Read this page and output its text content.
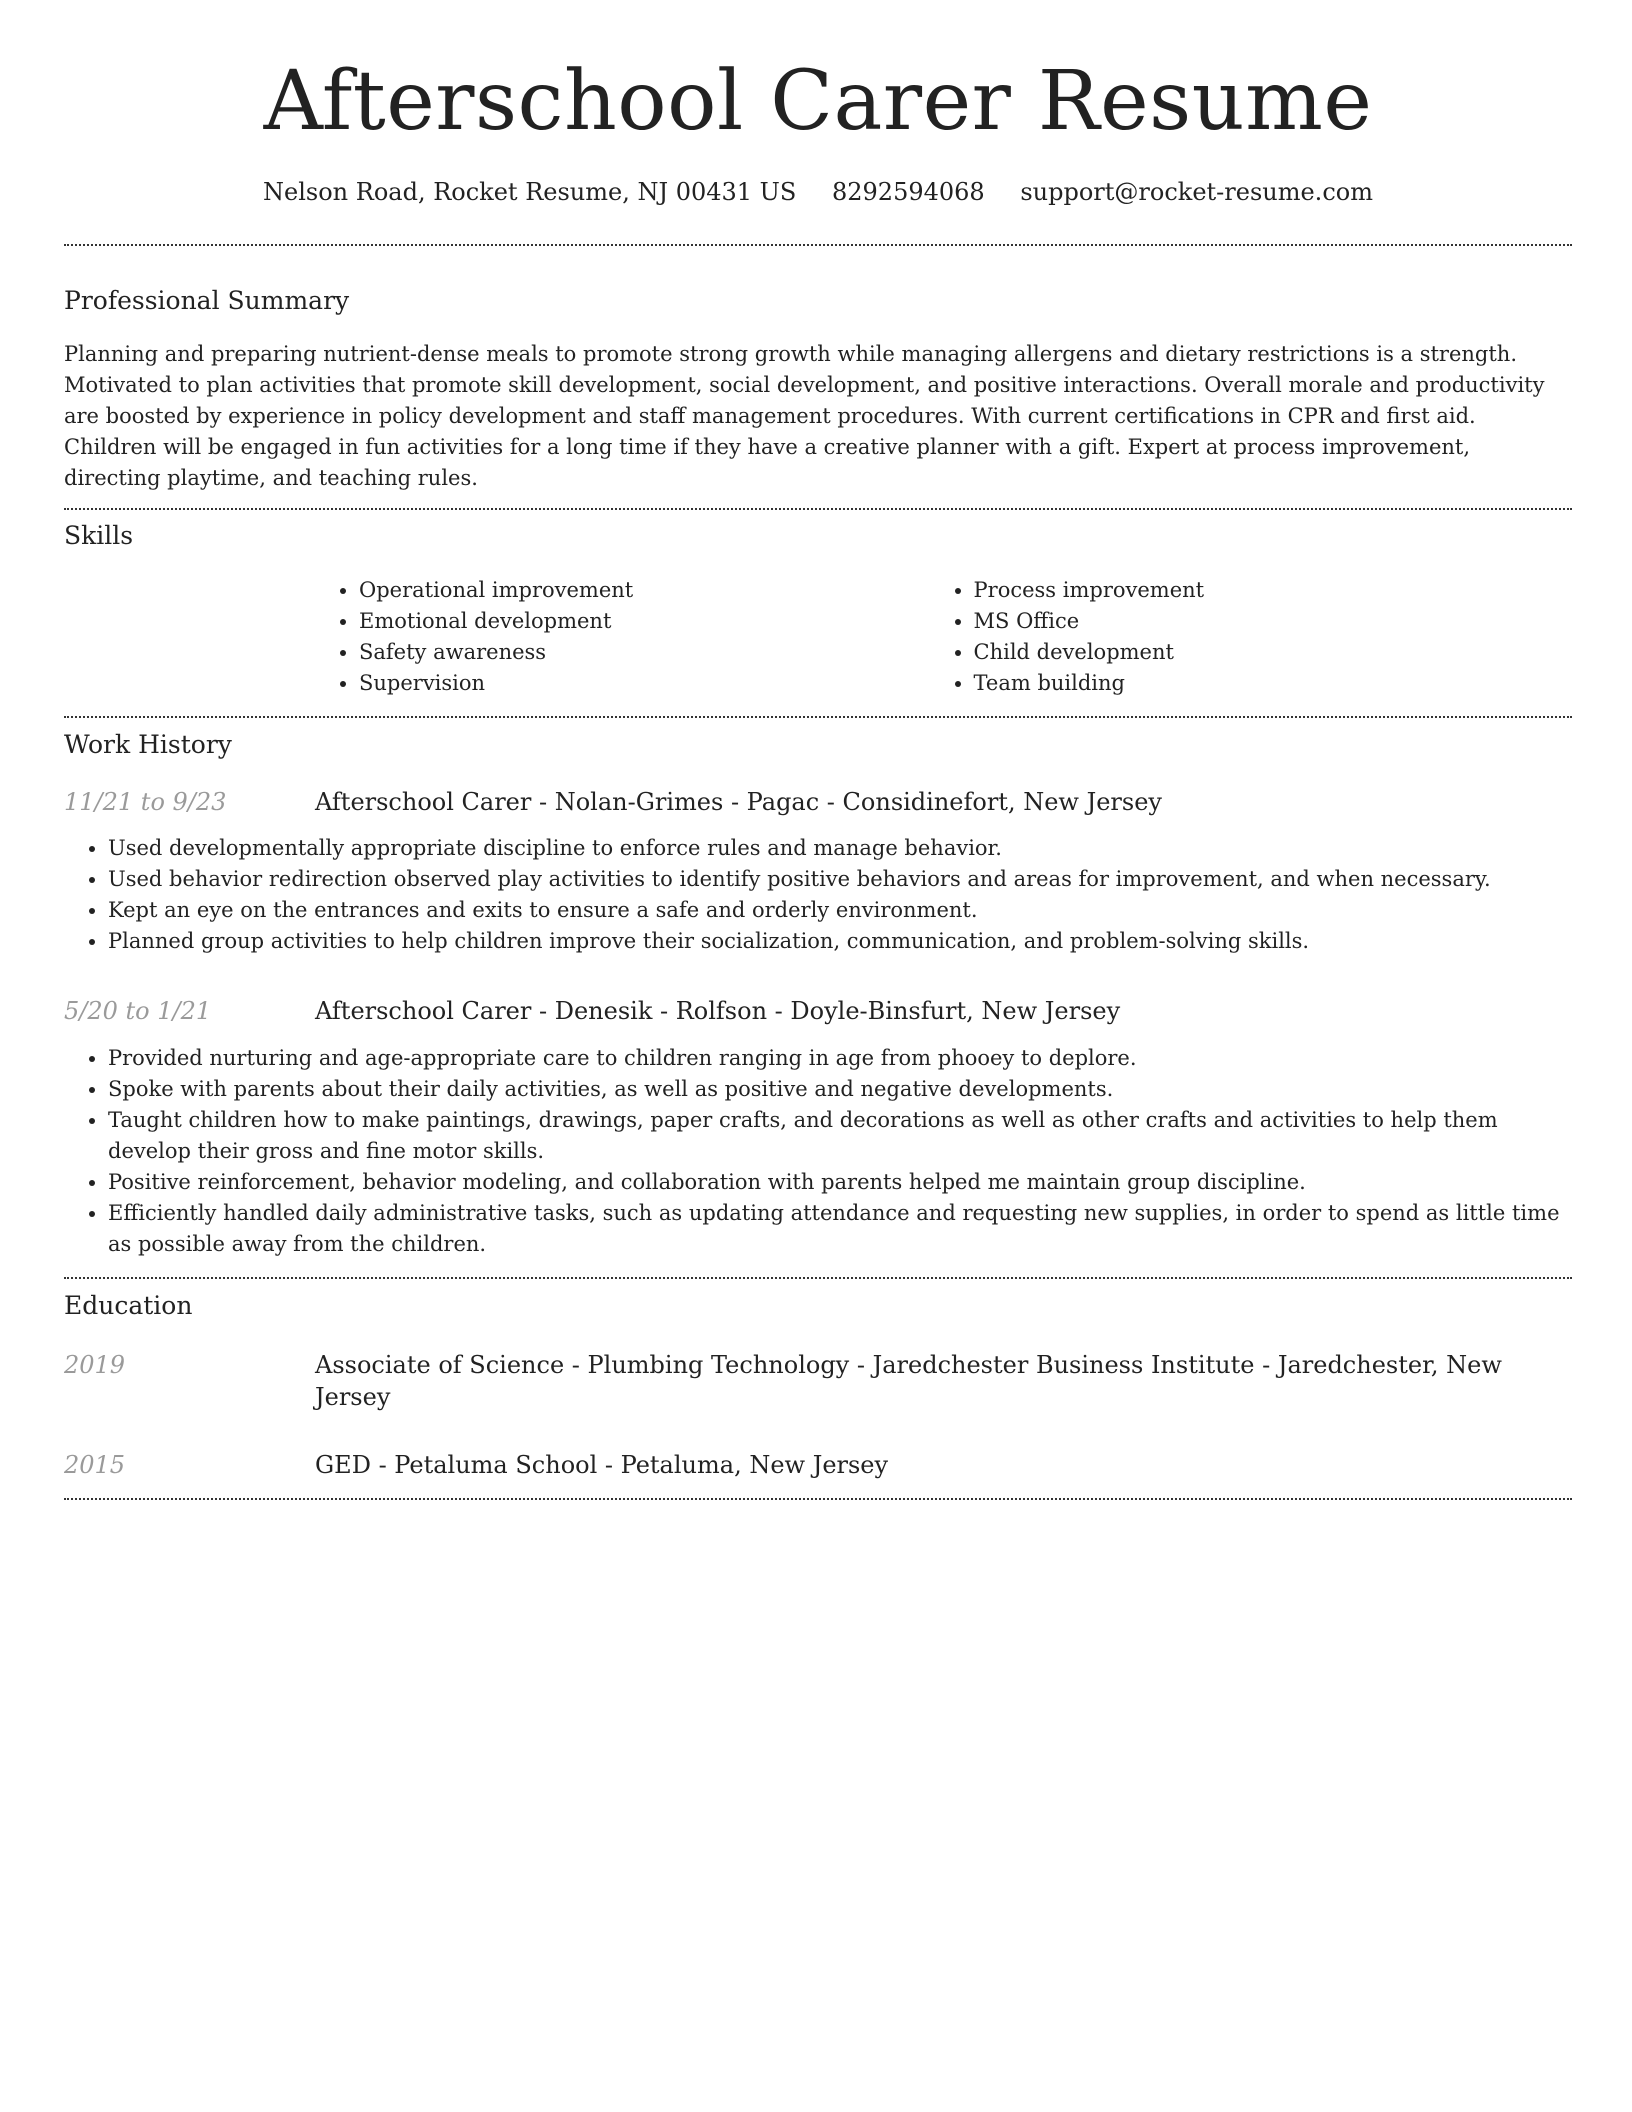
Afterschool Carer Resume
Nelson Road, Rocket Resume, NJ 00431 US 8292594068 support@rocket-resume.com
Professional Summary

Planning and preparing nutrient-dense meals to promote strong growth while managing allergens and dietary restrictions is a strength. Motivated to plan activities that promote skill development, social development, and positive interactions. Overall morale and productivity are boosted by experience in policy development and staff management procedures. With current certifications in CPR and first aid. Children will be engaged in fun activities for a long time if they have a creative planner with a gift. Expert at process improvement, directing playtime, and teaching rules.

Skills
• Operational improvement
• Emotional development
• Safety awareness
• Supervision
• Process improvement
• MS Office
• Child development
• Team building
Work History
11/21 to 9/23	Afterschool Carer - Nolan-Grimes - Pagac - Considinefort, New Jersey
• Used developmentally appropriate discipline to enforce rules and manage behavior.
• Used behavior redirection observed play activities to identify positive behaviors and areas for improvement, and when necessary.
• Kept an eye on the entrances and exits to ensure a safe and orderly environment.
• Planned group activities to help children improve their socialization, communication, and problem-solving skills.
5/20 to 1/21	Afterschool Carer - Denesik - Rolfson - Doyle-Binsfurt, New Jersey
• Provided nurturing and age-appropriate care to children ranging in age from phooey to deplore.
• Spoke with parents about their daily activities, as well as positive and negative developments.
• Taught children how to make paintings, drawings, paper crafts, and decorations as well as other crafts and activities to help them develop their gross and fine motor skills.
• Positive reinforcement, behavior modeling, and collaboration with parents helped me maintain group discipline.
• Efficiently handled daily administrative tasks, such as updating attendance and requesting new supplies, in order to spend as little time as possible away from the children.
Education
2019	Associate of Science - Plumbing Technology - Jaredchester Business Institute - Jaredchester, New Jersey
2015	GED - Petaluma School - Petaluma, New Jersey
